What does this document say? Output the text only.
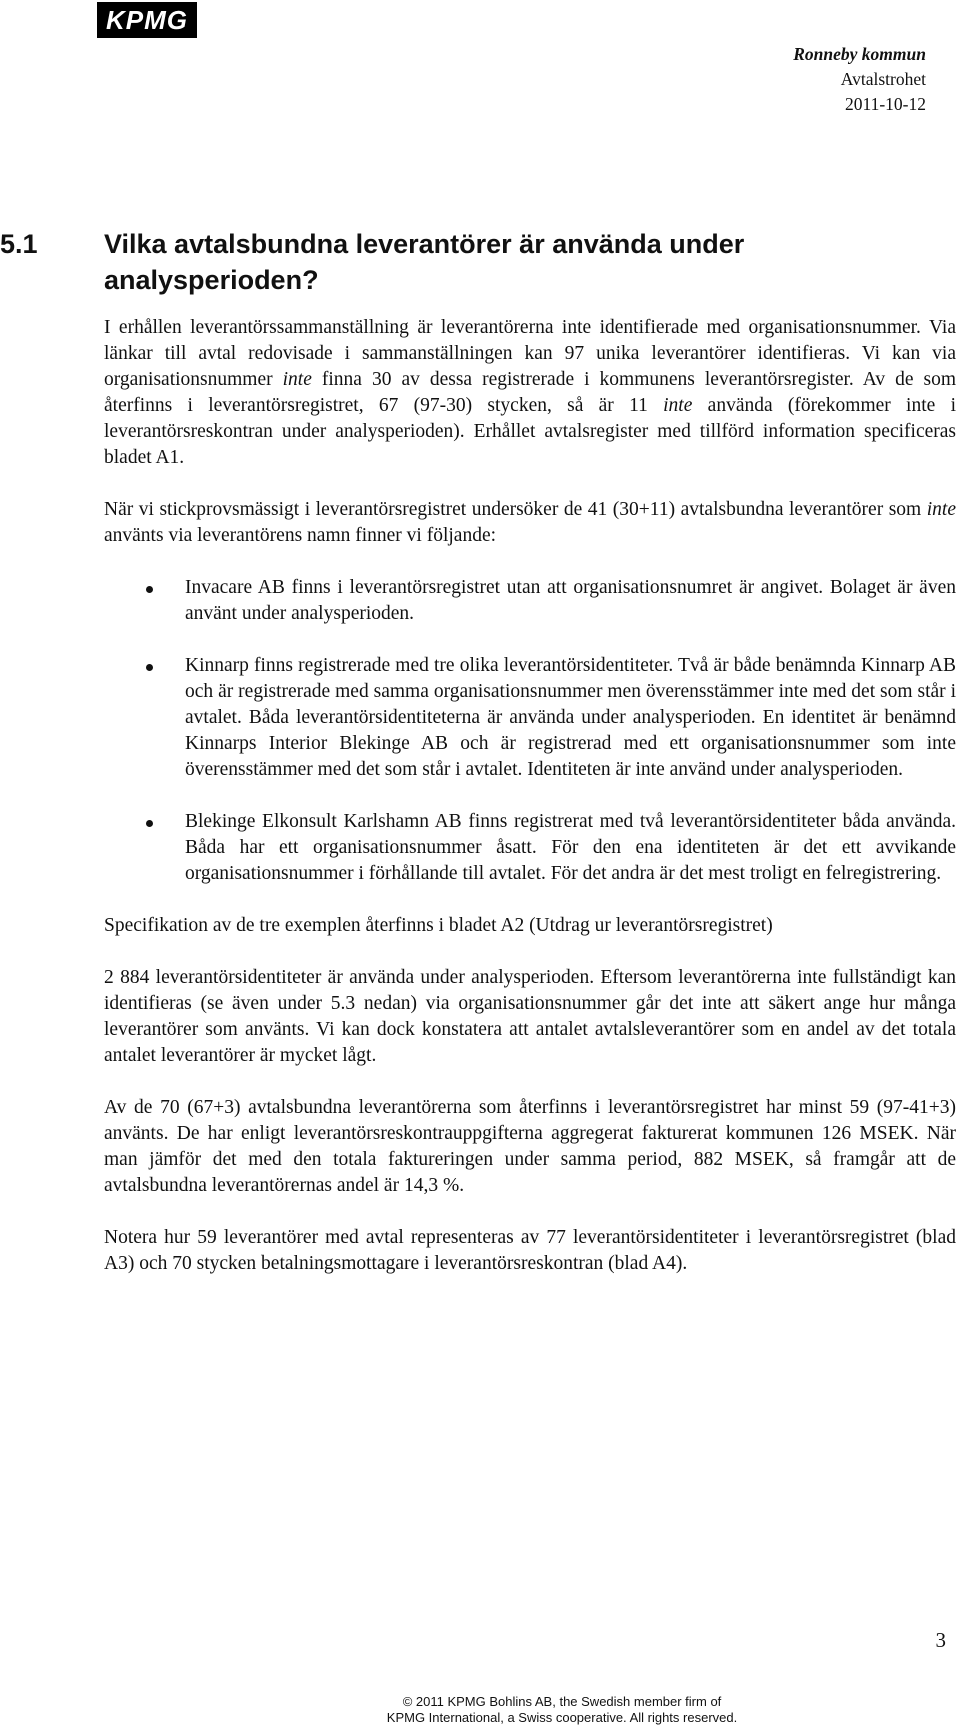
KPMG
Ronneby kommun
Avtalstrohet
2011-10-12
5.1 Vilka avtalsbundna leverantörer är använda under analysperioden?

I erhållen leverantörssammanställning är leverantörerna inte identifierade med organisationsnummer. Via länkar till avtal redovisade i sammanställningen kan 97 unika leverantörer identifieras. Vi kan via organisationsnummer inte finna 30 av dessa registrerade i kommunens leverantörsregister. Av de som återfinns i leverantörsregistret, 67 (97-30) stycken, så är 11 inte använda (förekommer inte i leverantörsreskontran under analysperioden). Erhållet avtalsregister med tillförd information specificeras bladet A1.

När vi stickprovsmässigt i leverantörsregistret undersöker de 41 (30+11) avtalsbundna leverantörer som inte använts via leverantörens namn finner vi följande:

Invacare AB finns i leverantörsregistret utan att organisationsnumret är angivet. Bolaget är även använt under analysperioden.
Kinnarp finns registrerade med tre olika leverantörsidentiteter. Två är både benämnda Kinnarp AB och är registrerade med samma organisationsnummer men överensstämmer inte med det som står i avtalet. Båda leverantörsidentiteterna är använda under analysperioden. En identitet är benämnd Kinnarps Interior Blekinge AB och är registrerad med ett organisationsnummer som inte överensstämmer med det som står i avtalet. Identiteten är inte använd under analysperioden.
Blekinge Elkonsult Karlshamn AB finns registrerat med två leverantörsidentiteter båda använda. Båda har ett organisationsnummer åsatt. För den ena identiteten är det ett avvikande organisationsnummer i förhållande till avtalet. För det andra är det mest troligt en felregistrering.

Specifikation av de tre exemplen återfinns i bladet A2 (Utdrag ur leverantörsregistret)

2 884 leverantörsidentiteter är använda under analysperioden. Eftersom leverantörerna inte fullständigt kan identifieras (se även under 5.3 nedan) via organisationsnummer går det inte att säkert ange hur många leverantörer som använts. Vi kan dock konstatera att antalet avtalsleverantörer som en andel av det totala antalet leverantörer är mycket lågt.

Av de 70 (67+3) avtalsbundna leverantörerna som återfinns i leverantörsregistret har minst 59 (97-41+3) använts. De har enligt leverantörsreskontrauppgifterna aggregerat fakturerat kommunen 126 MSEK. När man jämför det med den totala faktureringen under samma period, 882 MSEK, så framgår att de avtalsbundna leverantörernas andel är 14,3 %.

Notera hur 59 leverantörer med avtal representeras av 77 leverantörsidentiteter i leverantörsregistret (blad A3) och 70 stycken betalningsmottagare i leverantörsreskontran (blad A4).

3
© 2011 KPMG Bohlins AB, the Swedish member firm of
KPMG International, a Swiss cooperative. All rights reserved.
